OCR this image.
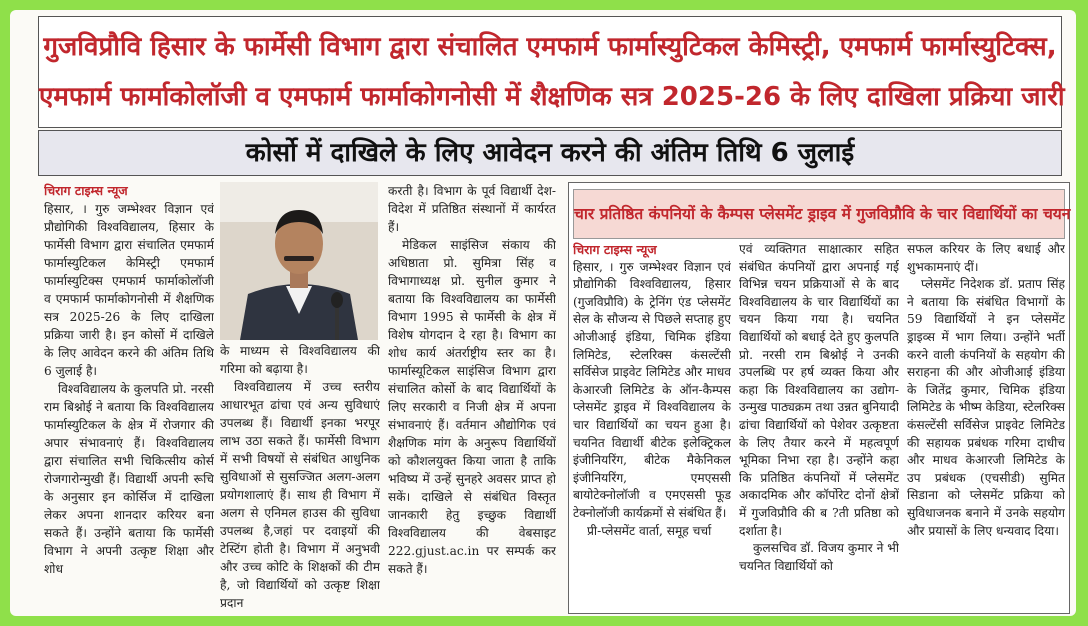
गुजविप्रौवि हिसार के फार्मेसी विभाग द्वारा संचालित एमफार्म फार्मास्युटिकल केमिस्ट्री, एमफार्म फार्मास्युटिक्स,
एमफार्म फार्माकोलॉजी व एमफार्म फार्माकोगनोसी में शैक्षणिक सत्र 2025-26 के लिए दाखिला प्रक्रिया जारी
कोर्सो में दाखिले के लिए आवेदन करने की अंतिम तिथि 6 जुलाई
चिराग टाइम्स न्यूज

हिसार, । गुरु जम्भेश्वर विज्ञान एवं प्रौद्योगिकी विश्वविद्यालय, हिसार के फार्मेसी विभाग द्वारा संचालित एमफार्म फार्मास्युटिकल केमिस्ट्री एमफार्म फार्मास्युटिक्स एमफार्म फार्माकोलॉजी व एमफार्म फार्माकोगनोसी में शैक्षणिक सत्र 2025-26 के लिए दाखिला प्रक्रिया जारी है। इन कोर्सो में दाखिले के लिए आवेदन करने की अंतिम तिथि 6 जुलाई है।

विश्वविद्यालय के कुलपति प्रो. नरसी राम बिश्नोई ने बताया कि विश्वविद्यालय फार्मास्युटिकल के क्षेत्र में रोजगार की अपार संभावनाएं हैं। विश्वविद्यालय द्वारा संचालित सभी चिकित्सीय कोर्स रोजगारोन्मुखी हैं। विद्यार्थी अपनी रूचि के अनुसार इन कोर्सिज में दाखिला लेकर अपना शानदार करियर बना सकते हैं। उन्होंने बताया कि फार्मेसी विभाग ने अपनी उत्कृष्ट शिक्षा और शोध

के माध्यम से विश्वविद्यालय की गरिमा को बढ़ाया है।

विश्वविद्यालय में उच्च स्तरीय आधारभूत ढांचा एवं अन्य सुविधाएं उपलब्ध हैं। विद्यार्थी इनका भरपूर लाभ उठा सकते हैं। फार्मेसी विभाग में सभी विषयों से संबंधित आधुनिक सुविधाओं से सुसज्जित अलग-अलग प्रयोगशालाएं हैं। साथ ही विभाग में अलग से एनिमल हाउस की सुविधा उपलब्ध है,जहां पर दवाइयों की टेस्टिंग होती है। विभाग में अनुभवी और उच्च कोटि के शिक्षकों की टीम है, जो विद्यार्थियों को उत्कृष्ट शिक्षा प्रदान

करती है। विभाग के पूर्व विद्यार्थी देश-विदेश में प्रतिष्ठित संस्थानों में कार्यरत हैं।

मेडिकल साइंसिज संकाय की अधिष्ठाता प्रो. सुमित्रा सिंह व विभागाध्यक्ष प्रो. सुनील कुमार ने बताया कि विश्वविद्यालय का फार्मेसी विभाग 1995 से फार्मेसी के क्षेत्र में विशेष योगदान दे रहा है। विभाग का शोध कार्य अंतर्राष्ट्रीय स्तर का है। फार्मास्यूटिकल साइंसिज विभाग द्वारा संचालित कोर्सो के बाद विद्यार्थियों के लिए सरकारी व निजी क्षेत्र में अपना संभावनाएं हैं। वर्तमान औद्योगिक एवं शैक्षणिक मांग के अनुरूप विद्यार्थियों को कौशलयुक्त किया जाता है ताकि भविष्य में उन्हें सुनहरे अवसर प्राप्त हो सकें। दाखिले से संबंधित विस्तृत जानकारी हेतु इच्छुक विद्यार्थी विश्वविद्यालय की वेबसाइट 222.gjust.ac.in पर सम्पर्क कर सकते हैं।

चार प्रतिष्ठित कंपनियों के कैम्पस प्लेसमेंट ड्राइव में गुजविप्रौवि के चार विद्यार्थियों का चयन
चिराग टाइम्स न्यूज

हिसार, । गुरु जम्भेश्वर विज्ञान एवं प्रौद्योगिकी विश्वविद्यालय, हिसार (गुजविप्रौवि) के ट्रेनिंग एंड प्लेसमेंट सेल के सौजन्य से पिछले सप्ताह हुए ओजीआई इंडिया, चिमिक इंडिया लिमिटेड, स्टेलरिक्स कंसल्टेंसी सर्विसेज प्राइवेट लिमिटेड और माधव केआरजी लिमिटेड के ऑन-कैम्पस प्लेसमेंट ड्राइव में विश्वविद्यालय के चार विद्यार्थियों का चयन हुआ है। चयनित विद्यार्थी बीटेक इलेक्ट्रिकल इंजीनियरिंग, बीटेक मैकेनिकल इंजीनियरिंग, एमएससी बायोटेक्नोलॉजी व एमएससी फूड टेक्नोलॉजी कार्यक्रमों से संबंधित हैं।

प्री-प्लेसमेंट वार्ता, समूह चर्चा

एवं व्यक्तिगत साक्षात्कार सहित संबंधित कंपनियों द्वारा अपनाई गई विभिन्न चयन प्रक्रियाओं से के बाद विश्वविद्यालय के चार विद्यार्थियों का चयन किया गया है। चयनित विद्यार्थियों को बधाई देते हुए कुलपति प्रो. नरसी राम बिश्नोई ने उनकी उपलब्धि पर हर्ष व्यक्त किया और कहा कि विश्वविद्यालय का उद्योग-उन्मुख पाठ्यक्रम तथा उन्नत बुनियादी ढांचा विद्यार्थियों को पेशेवर उत्कृष्टता के लिए तैयार करने में महत्वपूर्ण भूमिका निभा रहा है। उन्होंने कहा कि प्रतिष्ठित कंपनियों में प्लेसमेंट अकादमिक और कॉर्पोरेट दोनों क्षेत्रों में गुजविप्रौवि की ब ?ती प्रतिष्ठा को दर्शाता है।

कुलसचिव डॉ. विजय कुमार ने भी चयनित विद्यार्थियों को

सफल करियर के लिए बधाई और शुभकामनाएं दीं।

प्लेसमेंट निदेशक डॉ. प्रताप सिंह ने बताया कि संबंधित विभागों के 59 विद्यार्थियों ने इन प्लेसमेंट ड्राइव्स में भाग लिया। उन्होंने भर्ती करने वाली कंपनियों के सहयोग की सराहना की और ओजीआई इंडिया के जितेंद्र कुमार, चिमिक इंडिया लिमिटेड के भीष्म केडिया, स्टेलरिक्स कंसल्टेंसी सर्विसेज प्राइवेट लिमिटेड की सहायक प्रबंधक गरिमा दाधीच और माधव केआरजी लिमिटेड के उप प्रबंधक (एचसीडी) सुमित सिडाना को प्लेसमेंट प्रक्रिया को सुविधाजनक बनाने में उनके सहयोग और प्रयासों के लिए धन्यवाद दिया।
